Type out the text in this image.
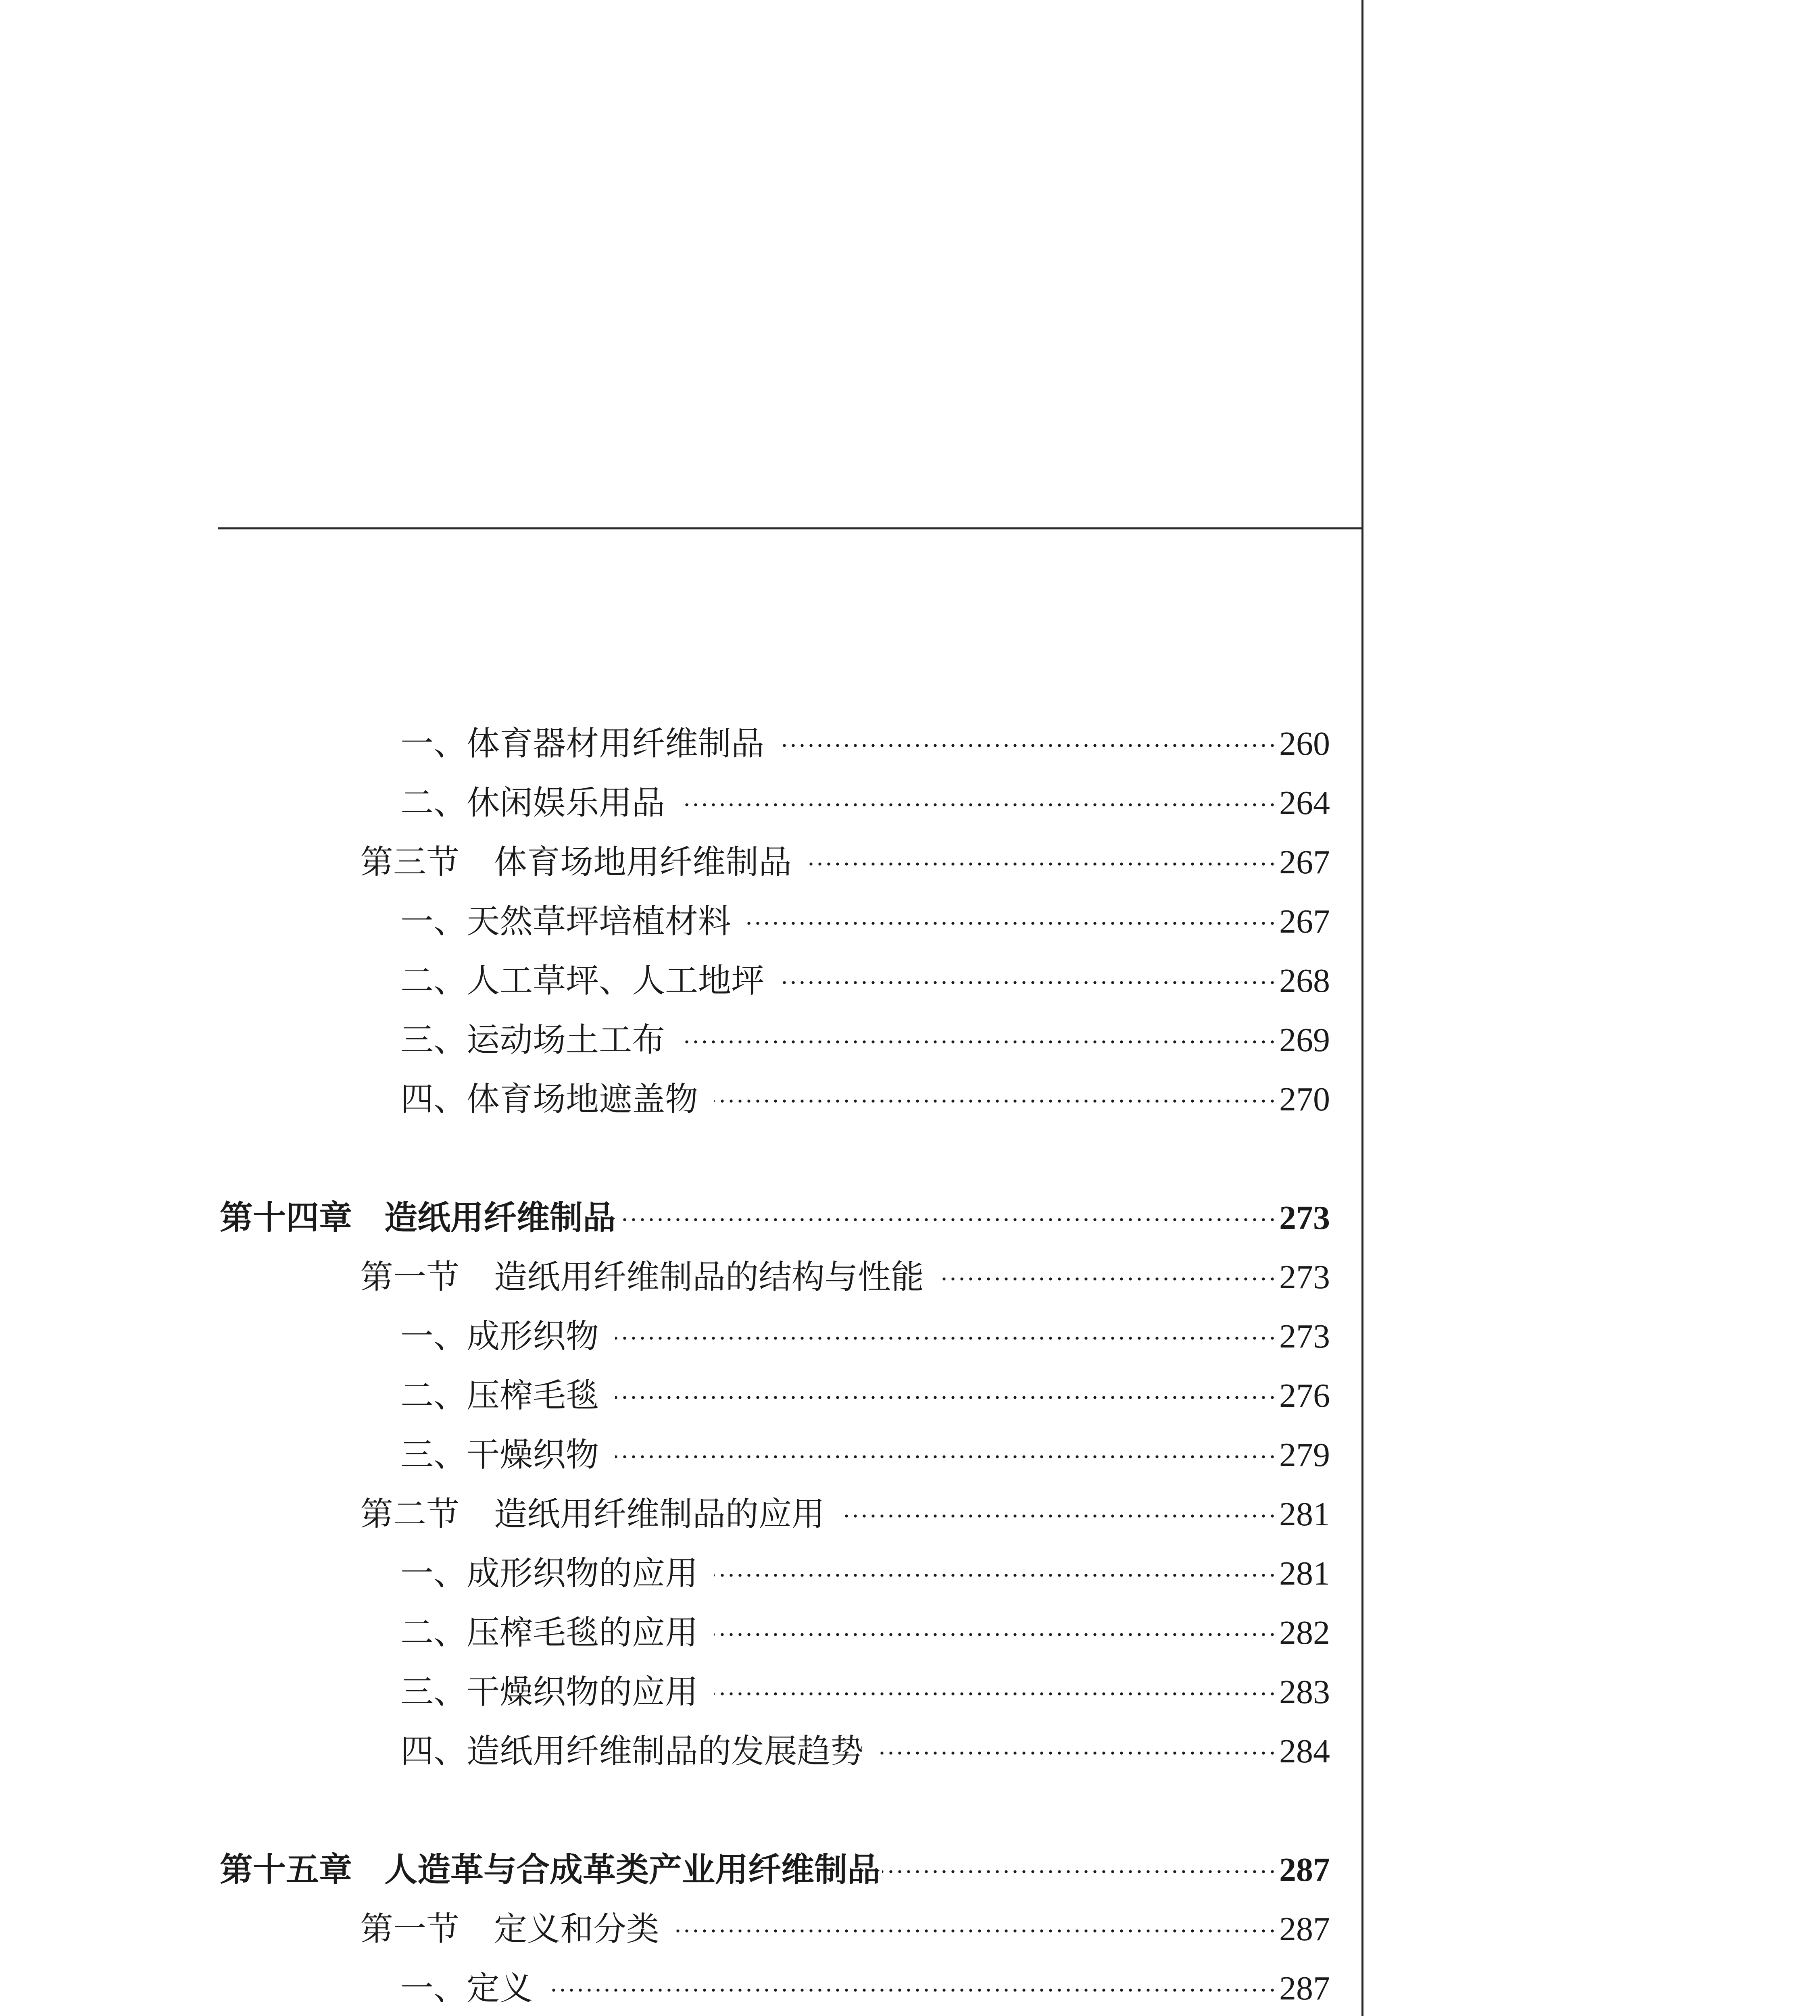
一、体育器材用纤维制品	260
二、休闲娱乐用品	264
第三节 体育场地用纤维制品	267
一、天然草坪培植材料	267
二、人工草坪、人工地坪	268
三、运动场土工布	269
四、体育场地遮盖物	270
第十四章 造纸用纤维制品	273
第一节 造纸用纤维制品的结构与性能	273
一、成形织物	273
二、压榨毛毯	276
三、干燥织物	279
第二节 造纸用纤维制品的应用	281
一、成形织物的应用	281
二、压榨毛毯的应用	282
三、干燥织物的应用	283
四、造纸用纤维制品的发展趋势	284
第十五章 人造革与合成革类产业用纤维制品	287
第一节 定义和分类	287
一、定义	287
